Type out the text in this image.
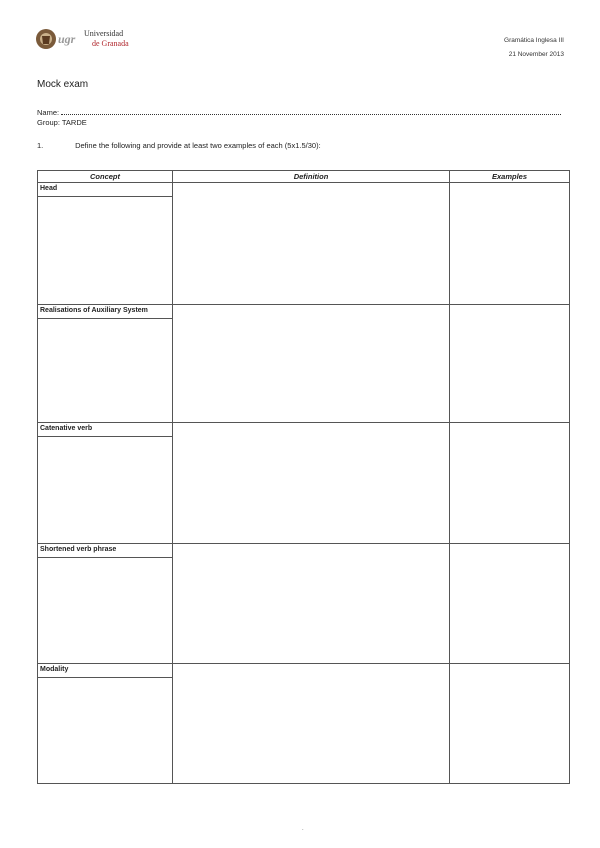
ugr Universidad
de Granada	Gramática Inglesa III
21 November 2013
Mock exam
Name:
Group: TARDE
1.	Define the following and provide at least two examples of each (5x1.5/30):
Concept	Definition	Examples

Head		

Realisations of Auxiliary System		

Catenative verb		

Shortened verb phrase		

Modality		

.
